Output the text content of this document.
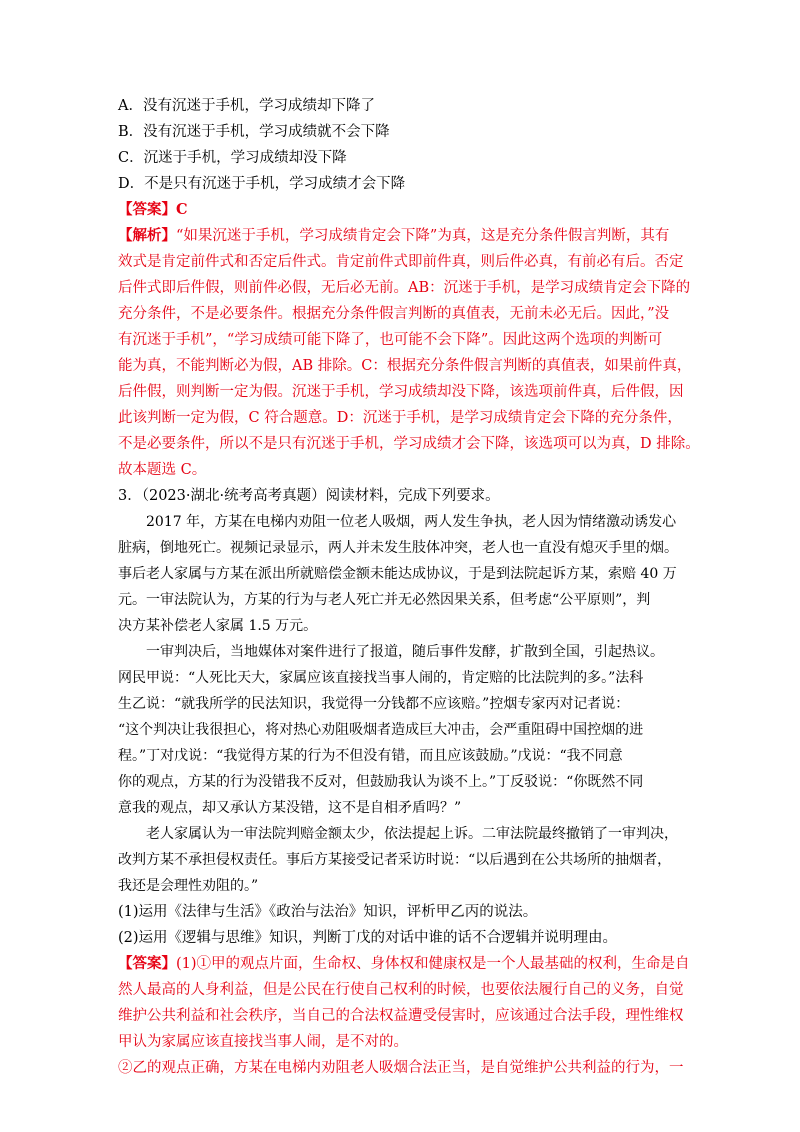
A．没有沉迷于手机，学习成绩却下降了
B．没有沉迷于手机，学习成绩就不会下降
C．沉迷于手机，学习成绩却没下降
D．不是只有沉迷于手机，学习成绩才会下降
【答案】C
【解析】“如果沉迷于手机，学习成绩肯定会下降”为真，这是充分条件假言判断，其有
效式是肯定前件式和否定后件式。肯定前件式即前件真，则后件必真，有前必有后。否定
后件式即后件假，则前件必假，无后必无前。AB：沉迷于手机，是学习成绩肯定会下降的
充分条件，不是必要条件。根据充分条件假言判断的真值表，无前未必无后。因此，”没
有沉迷于手机”，“学习成绩可能下降了，也可能不会下降”。因此这两个选项的判断可
能为真，不能判断必为假，AB 排除。C：根据充分条件假言判断的真值表，如果前件真，
后件假，则判断一定为假。沉迷于手机，学习成绩却没下降，该选项前件真，后件假，因
此该判断一定为假，C 符合题意。D：沉迷于手机，是学习成绩肯定会下降的充分条件，
不是必要条件，所以不是只有沉迷于手机，学习成绩才会下降，该选项可以为真，D 排除。
故本题选 C。
3．（2023·湖北·统考高考真题）阅读材料，完成下列要求。
2017 年，方某在电梯内劝阻一位老人吸烟，两人发生争执，老人因为情绪激动诱发心
脏病，倒地死亡。视频记录显示，两人并未发生肢体冲突，老人也一直没有熄灭手里的烟。
事后老人家属与方某在派出所就赔偿金额未能达成协议，于是到法院起诉方某，索赔 40 万
元。一审法院认为，方某的行为与老人死亡并无必然因果关系，但考虑“公平原则”，判
决方某补偿老人家属 1.5 万元。
一审判决后，当地媒体对案件进行了报道，随后事件发酵，扩散到全国，引起热议。
网民甲说：“人死比天大，家属应该直接找当事人闹的，肯定赔的比法院判的多。”法科
生乙说：“就我所学的民法知识，我觉得一分钱都不应该赔。”控烟专家丙对记者说：
“这个判决让我很担心，将对热心劝阻吸烟者造成巨大冲击，会严重阻碍中国控烟的进
程。”丁对戊说：“我觉得方某的行为不但没有错，而且应该鼓励。”戊说：“我不同意
你的观点，方某的行为没错我不反对，但鼓励我认为谈不上。”丁反驳说：“你既然不同
意我的观点，却又承认方某没错，这不是自相矛盾吗？”
老人家属认为一审法院判赔金额太少，依法提起上诉。二审法院最终撤销了一审判决，
改判方某不承担侵权责任。事后方某接受记者采访时说：“以后遇到在公共场所的抽烟者，
我还是会理性劝阻的。”
(1)运用《法律与生活》《政治与法治》知识，评析甲乙丙的说法。
(2)运用《逻辑与思维》知识，判断丁戊的对话中谁的话不合逻辑并说明理由。
【答案】(1)①甲的观点片面，生命权、身体权和健康权是一个人最基础的权利，生命是自
然人最高的人身利益，但是公民在行使自己权利的时候，也要依法履行自己的义务，自觉
维护公共利益和社会秩序，当自己的合法权益遭受侵害时，应该通过合法手段，理性维权
甲认为家属应该直接找当事人闹，是不对的。
②乙的观点正确，方某在电梯内劝阻老人吸烟合法正当，是自觉维护公共利益的行为，一
